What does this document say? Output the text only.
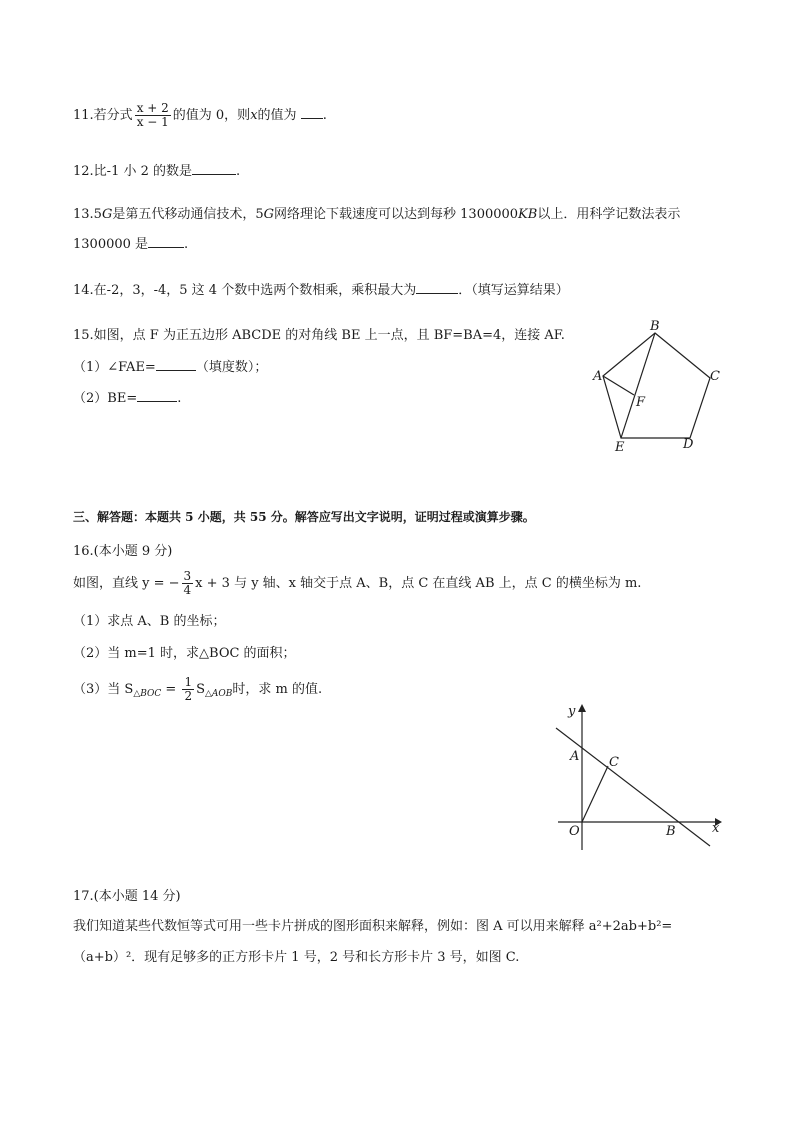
11.若分式 $\frac{x + 2}{x - 1}$ 的值为 0，则x的值为 .
12.比-1 小 2 的数是	.
13.5G是第五代移动通信技术，5G网络理论下载速度可以达到每秒 1300000KB以上．用科学记数法表示
1300000 是	.
14.在-2，3，-4，5 这 4 个数中选两个数相乘，乘积最大为	．（填写运算结果）
15.如图，点 F 为正五边形 ABCDE 的对角线 BE 上一点，且 BF=BA=4，连接 AF.
（1）∠FAE=	（填度数）；
（2）BE=	.
B
C
A
F
E	D
三、解答题：本题共 5 小题，共 55 分。解答应写出文字说明，证明过程或演算步骤。
16.(本小题 9 分)
如图，直线 y = − $\frac{3}{4}$ x + 3 与 y 轴、x 轴交于点 A、B，点 C 在直线 AB 上，点 C 的横坐标为 m.
（1）求点 A、B 的坐标；
（2）当 m=1 时，求△BOC 的面积；
（3）当 $S_{\triangle BOC} = \frac{1}{2} S_{\triangle AOB}$时，求 m 的值.
y
A C
O	B	x
17.(本小题 14 分)
我们知道某些代数恒等式可用一些卡片拼成的图形面积来解释，例如：图 A 可以用来解释 a²+2ab+b²=
（a+b）²．现有足够多的正方形卡片 1 号，2 号和长方形卡片 3 号，如图 C.
